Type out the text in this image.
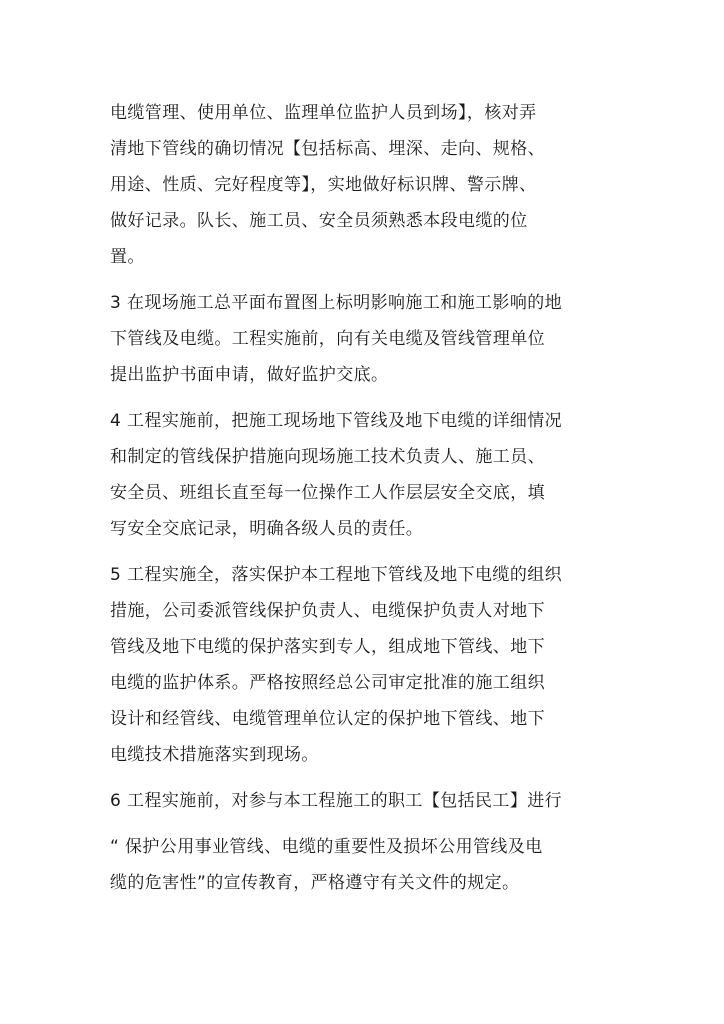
电缆管理、使用单位、监理单位监护人员到场】，核对弄
清地下管线的确切情况【包括标高、埋深、走向、规格、
用途、性质、完好程度等】，实地做好标识牌、警示牌、
做好记录。队长、施工员、安全员须熟悉本段电缆的位
置。

3 在现场施工总平面布置图上标明影响施工和施工影响的地
下管线及电缆。工程实施前，向有关电缆及管线管理单位
提出监护书面申请，做好监护交底。

4 工程实施前，把施工现场地下管线及地下电缆的详细情况
和制定的管线保护措施向现场施工技术负责人、施工员、
安全员、班组长直至每一位操作工人作层层安全交底，填
写安全交底记录，明确各级人员的责任。

5 工程实施全，落实保护本工程地下管线及地下电缆的组织
措施，公司委派管线保护负责人、电缆保护负责人对地下
管线及地下电缆的保护落实到专人，组成地下管线、地下
电缆的监护体系。严格按照经总公司审定批准的施工组织
设计和经管线、电缆管理单位认定的保护地下管线、地下
电缆技术措施落实到现场。

6 工程实施前，对参与本工程施工的职工【包括民工】进行

“ 保护公用事业管线、电缆的重要性及损坏公用管线及电
缆的危害性”的宣传教育，严格遵守有关文件的规定。
